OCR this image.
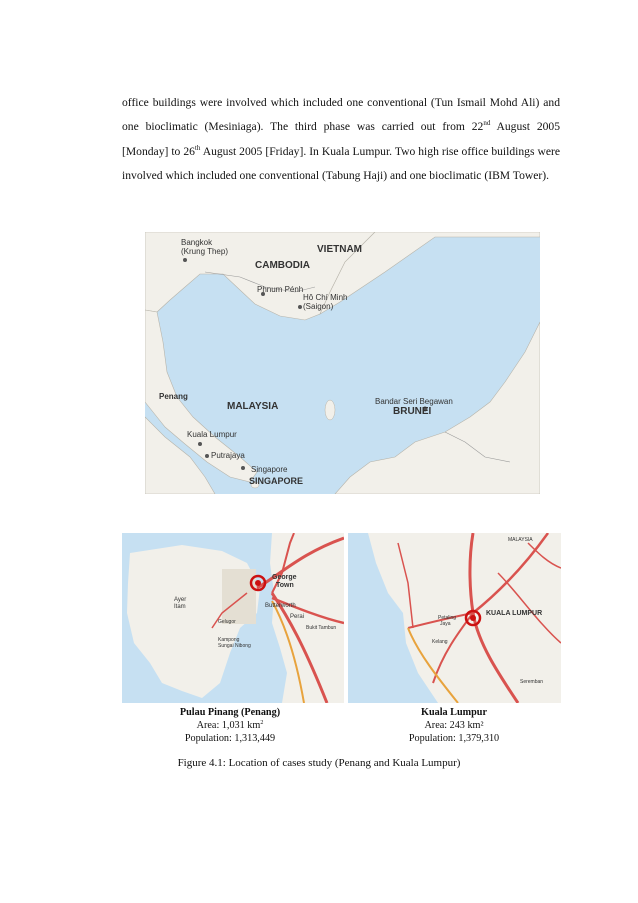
office buildings were involved which included one conventional (Tun Ismail Mohd Ali) and one bioclimatic (Mesiniaga). The third phase was carried out from 22nd August 2005 [Monday] to 26th August 2005 [Friday]. In Kuala Lumpur. Two high rise office buildings were involved which included one conventional (Tabung Haji) and one bioclimatic (IBM Tower).
Bangkok
(Krung Thep)	VIETNAM
CAMBODIA
Phnum Pénh
Hô Chí Minh
(Saigon)
Penang
MALAYSIA	Bandar Seri Begawan
BRUNEI
Kuala Lumpur
Putrajaya
Singapore
SINGAPORE
George
Town
Ayer
Itam	Butterworth
Perai
Gelugor
Kampong
Sungai Nibong
Bukit Tambun
MALAYSIA
KUALA LUMPUR
Petaling
Jaya
Kelang
Seremban
Pulau Pinang (Penang)
Area: 1,031 $km^2$
Population: 1,313,449
Kuala Lumpur
Area: 243 km²
Population: 1,379,310
Figure 4.1: Location of cases study (Penang and Kuala Lumpur)
